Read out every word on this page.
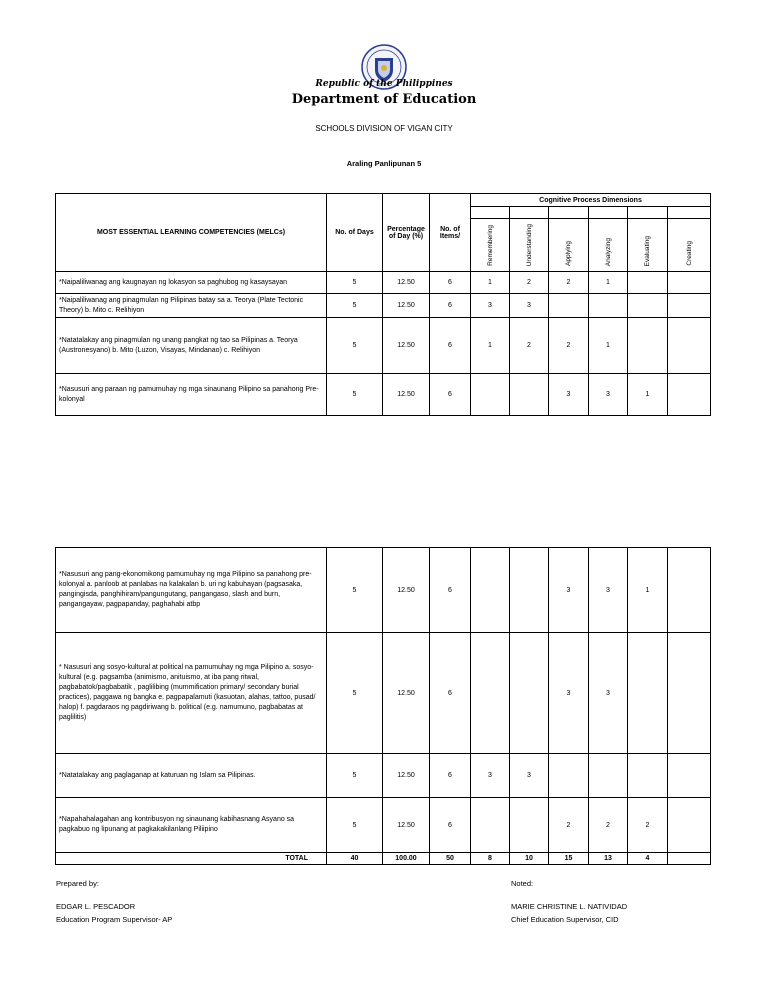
Republic of the Philippines
Department of Education
SCHOOLS DIVISION OF VIGAN CITY
Araling Panlipunan 5
MOST ESSENTIAL LEARNING COMPETENCIES (MELCs)	No. of Days	Percentage of Day (%)	No. of Items/	Cognitive Process Dimensions					

				Remembering	Understanding	Applying	Analyzing	Evaluating	Creating
*Naipaliliwanag ang kaugnayan ng lokasyon sa paghubog ng kasaysayan	5	12.50	6	1	2	2	1		
*Naipaliliwanag ang pinagmulan ng Pilipinas batay sa a. Teorya (Plate Tectonic Theory) b. Mito c. Relihiyon	5	12.50	6	3	3				
*Natatalakay ang pinagmulan ng unang pangkat ng tao sa Pilipinas a. Teorya (Austronesyano) b. Mito (Luzon, Visayas, Mindanao) c. Relihiyon	5	12.50	6	1	2	2	1		
*Nasusuri ang paraan ng pamumuhay ng mga sinaunang Pilipino sa panahong Pre-kolonyal	5	12.50	6			3	3	1	
*Nasusuri ang pang-ekonomikong pamumuhay ng mga Pilipino sa panahong pre-kolonyal a. panloob at panlabas na kalakalan b. uri ng kabuhayan (pagsasaka, pangingisda, panghihiram/pangungutang, pangangaso, slash and burn, pangangayaw, pagpapanday, paghahabi atbp	5	12.50	6			3	3	1	
* Nasusuri ang sosyo-kultural at political na pamumuhay ng mga Pilipino a. sosyo-kultural (e.g. pagsamba (animismo, anituismo, at iba pang ritwal, pagbabatok/pagbabatik , paglilibing (mummification primary/ secondary burial practices), paggawa ng bangka e. pagpapalamuti (kasuotan, alahas, tattoo, pusad/ halop) f. pagdaraos ng pagdiriwang b. political (e.g. namumuno, pagbabatas at paglilitis)	5	12.50	6			3	3		
*Natatalakay ang paglaganap at katuruan ng Islam sa Pilipinas.	5	12.50	6	3	3				
*Napahahalagahan ang kontribusyon ng sinaunang kabihasnang Asyano sa pagkabuo ng lipunang at pagkakakilanlang Piliipino	5	12.50	6			2	2	2	
TOTAL	40	100.00	50	8	10	15	13	4	
Prepared by:
EDGAR L. PESCADOR
Education Program Supervisor- AP
Noted:
MARIE CHRISTINE L. NATIVIDAD
Chief Education Supervisor, CID
